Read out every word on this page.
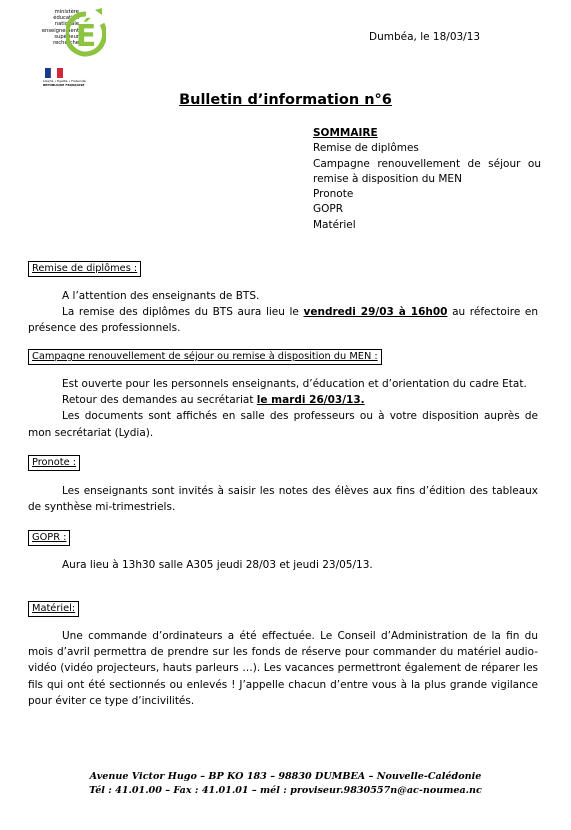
ministère
éducation
nationale
enseignement
supérieur
recherche
É
Liberté • Égalité • Fraternité
RÉPUBLIQUE FRANÇAISE
Dumbéa, le 18/03/13
Bulletin d’information n°6
SOMMAIRE
Remise de diplômes
Campagne renouvellement de séjour ou remise à disposition du MEN
Pronote
GOPR
Matériel
Remise de diplômes :
A l’attention des enseignants de BTS.
La remise des diplômes du BTS aura lieu le vendredi 29/03 à 16h00 au réfectoire en présence des professionnels.
Campagne renouvellement de séjour ou remise à disposition du MEN :
Est ouverte pour les personnels enseignants, d’éducation et d’orientation du cadre Etat.
Retour des demandes au secrétariat le mardi 26/03/13.
Les documents sont affichés en salle des professeurs ou à votre disposition auprès de mon secrétariat (Lydia).
Pronote :
Les enseignants sont invités à saisir les notes des élèves aux fins d’édition des tableaux de synthèse mi-trimestriels.
GOPR :
Aura lieu à 13h30 salle A305 jeudi 28/03 et jeudi 23/05/13.
Matériel:
Une commande d’ordinateurs a été effectuée. Le Conseil d’Administration de la fin du mois d’avril permettra de prendre sur les fonds de réserve pour commander du matériel audio-vidéo (vidéo projecteurs, hauts parleurs …). Les vacances permettront également de réparer les fils qui ont été sectionnés ou enlevés ! J’appelle chacun d’entre vous à la plus grande vigilance pour éviter ce type d’incivilités.
Avenue Victor Hugo – BP KO 183 – 98830 DUMBEA – Nouvelle-Calédonie
Tél : 41.01.00 – Fax : 41.01.01 – mél : proviseur.9830557n@ac-noumea.nc
